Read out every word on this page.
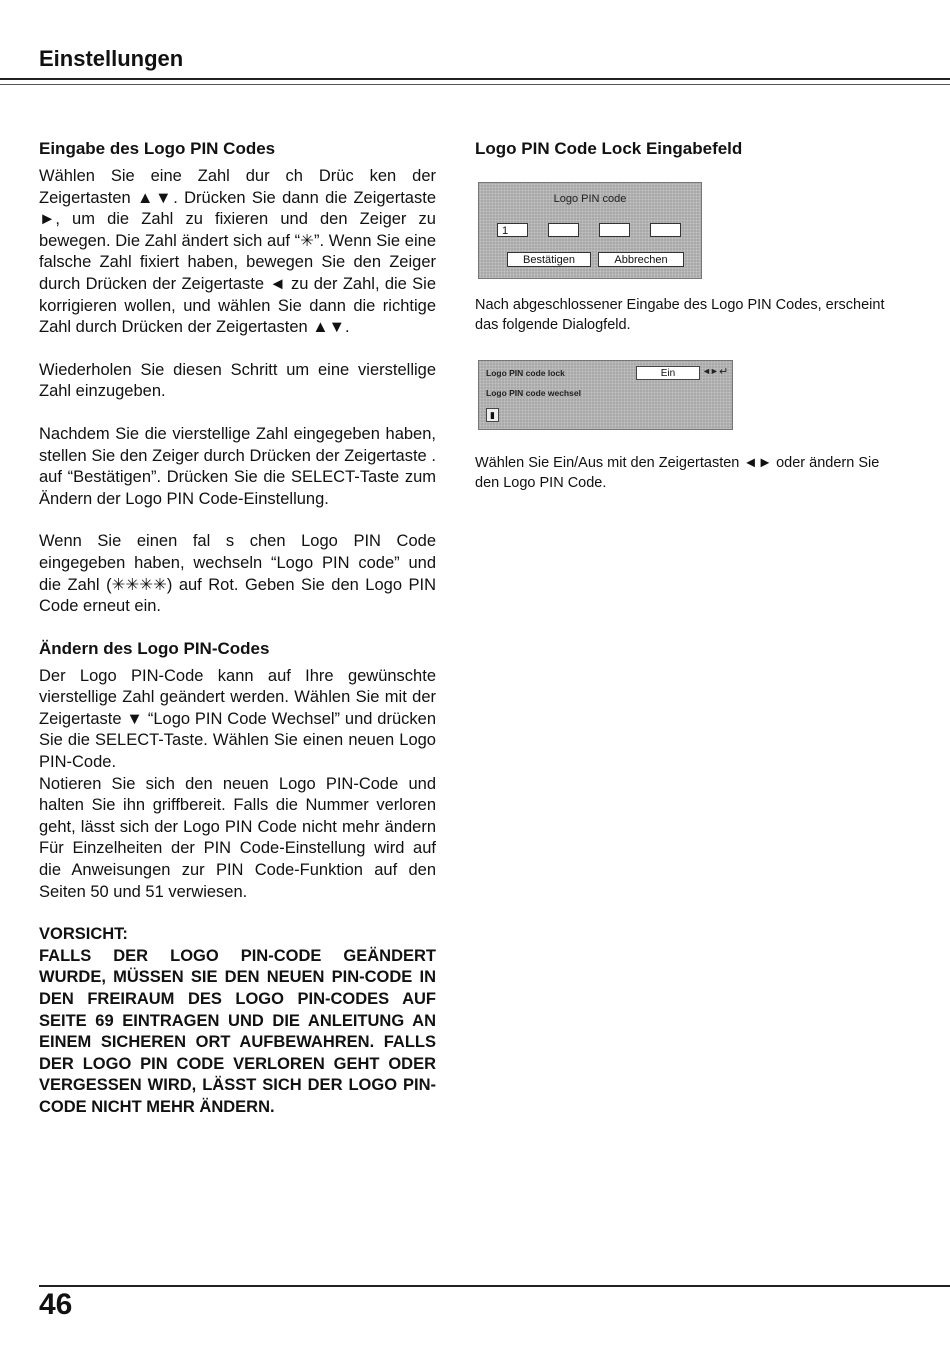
Einstellungen
Eingabe des Logo PIN Codes

Wählen Sie eine Zahl dur ch Drüc ken der Zeigertasten ▲▼. Drücken Sie dann die Zeigertaste ►, um die Zahl zu fixieren und den Zeiger zu bewegen. Die Zahl ändert sich auf “✳”. Wenn Sie eine falsche Zahl fixiert haben, bewegen Sie den Zeiger durch Drücken der Zeigertaste ◄ zu der Zahl, die Sie korrigieren wollen, und wählen Sie dann die richtige Zahl durch Drücken der Zeigertasten ▲▼.

Wiederholen Sie diesen Schritt um eine vierstellige Zahl einzugeben.

Nachdem Sie die vierstellige Zahl eingegeben haben, stellen Sie den Zeiger durch Drücken der Zeigertaste . auf “Bestätigen”. Drücken Sie die SELECT-Taste zum Ändern der Logo PIN Code-Einstellung.

Wenn Sie einen fal s chen Logo PIN Code eingegeben haben, wechseln “Logo PIN code” und die Zahl (✳✳✳✳) auf Rot. Geben Sie den Logo PIN Code erneut ein.

Ändern des Logo PIN-Codes

Der Logo PIN-Code kann auf Ihre gewünschte vierstellige Zahl geändert werden. Wählen Sie mit der Zeigertaste ▼ “Logo PIN Code Wechsel” und drücken Sie die SELECT-Taste. Wählen Sie einen neuen Logo PIN-Code.

Notieren Sie sich den neuen Logo PIN-Code und halten Sie ihn griffbereit. Falls die Nummer verloren geht, lässt sich der Logo PIN Code nicht mehr ändern Für Einzelheiten der PIN Code-Einstellung wird auf die Anweisungen zur PIN Code-Funktion auf den Seiten 50 und 51 verwiesen.

VORSICHT:

FALLS DER LOGO PIN-CODE GEÄNDERT WURDE, MÜSSEN SIE DEN NEUEN PIN-CODE IN DEN FREIRAUM DES LOGO PIN-CODES AUF SEITE 69 EINTRAGEN UND DIE ANLEITUNG AN EINEM SICHEREN ORT AUFBEWAHREN. FALLS DER LOGO PIN CODE VERLOREN GEHT ODER VERGESSEN WIRD, LÄSST SICH DER LOGO PIN-CODE NICHT MEHR ÄNDERN.

Logo PIN Code Lock Eingabefeld
Logo PIN code
1
Bestätigen	Abbrechen

Nach abgeschlossener Eingabe des Logo PIN Codes, erscheint das folgende Dialogfeld.

Logo PIN code lock	Ein	◄► ↵
Logo PIN code wechsel
▮

Wählen Sie Ein/Aus mit den Zeigertasten ◄► oder ändern Sie den Logo PIN Code.

46
